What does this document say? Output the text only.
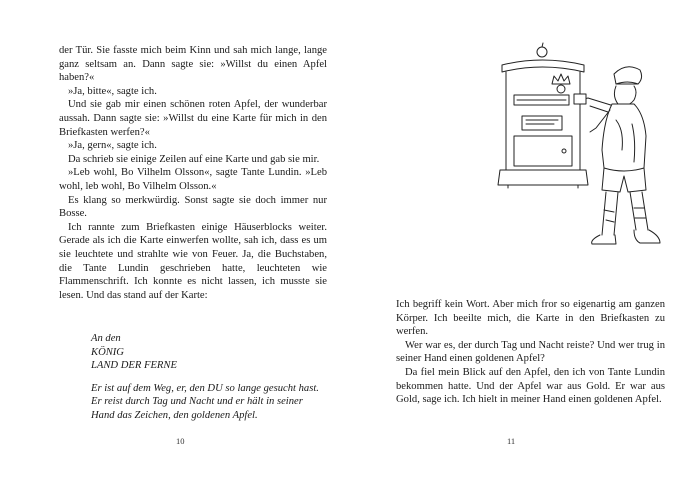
der Tür. Sie fasste mich beim Kinn und sah mich lange, lange ganz seltsam an. Dann sagte sie: »Willst du einen Apfel haben?«

»Ja, bitte«, sagte ich.

Und sie gab mir einen schönen roten Apfel, der wunderbar aussah. Dann sagte sie: »Willst du eine Karte für mich in den Briefkasten werfen?«

»Ja, gern«, sagte ich.

Da schrieb sie einige Zeilen auf eine Karte und gab sie mir.

»Leb wohl, Bo Vilhelm Olsson«, sagte Tante Lundin. »Leb wohl, leb wohl, Bo Vilhelm Olsson.«

Es klang so merkwürdig. Sonst sagte sie doch immer nur Bosse.

Ich rannte zum Briefkasten einige Häuserblocks weiter. Gerade als ich die Karte einwerfen wollte, sah ich, dass es um sie leuchtete und strahlte wie von Feuer. Ja, die Buchstaben, die Tante Lundin geschrieben hatte, leuchteten wie Flammenschrift. Ich konnte es nicht lassen, ich musste sie lesen. Und das stand auf der Karte:

An den
KÖNIG
LAND DER FERNE
Er ist auf dem Weg, er, den DU so lange gesucht hast. Er reist durch Tag und Nacht und er hält in seiner Hand das Zeichen, den goldenen Apfel.
10

Ich begriff kein Wort. Aber mich fror so eigenartig am ganzen Körper. Ich beeilte mich, die Karte in den Briefkasten zu werfen.

Wer war es, der durch Tag und Nacht reiste? Und wer trug in seiner Hand einen goldenen Apfel?

Da fiel mein Blick auf den Apfel, den ich von Tante Lundin bekommen hatte. Und der Apfel war aus Gold. Er war aus Gold, sage ich. Ich hielt in meiner Hand einen goldenen Apfel.

11
